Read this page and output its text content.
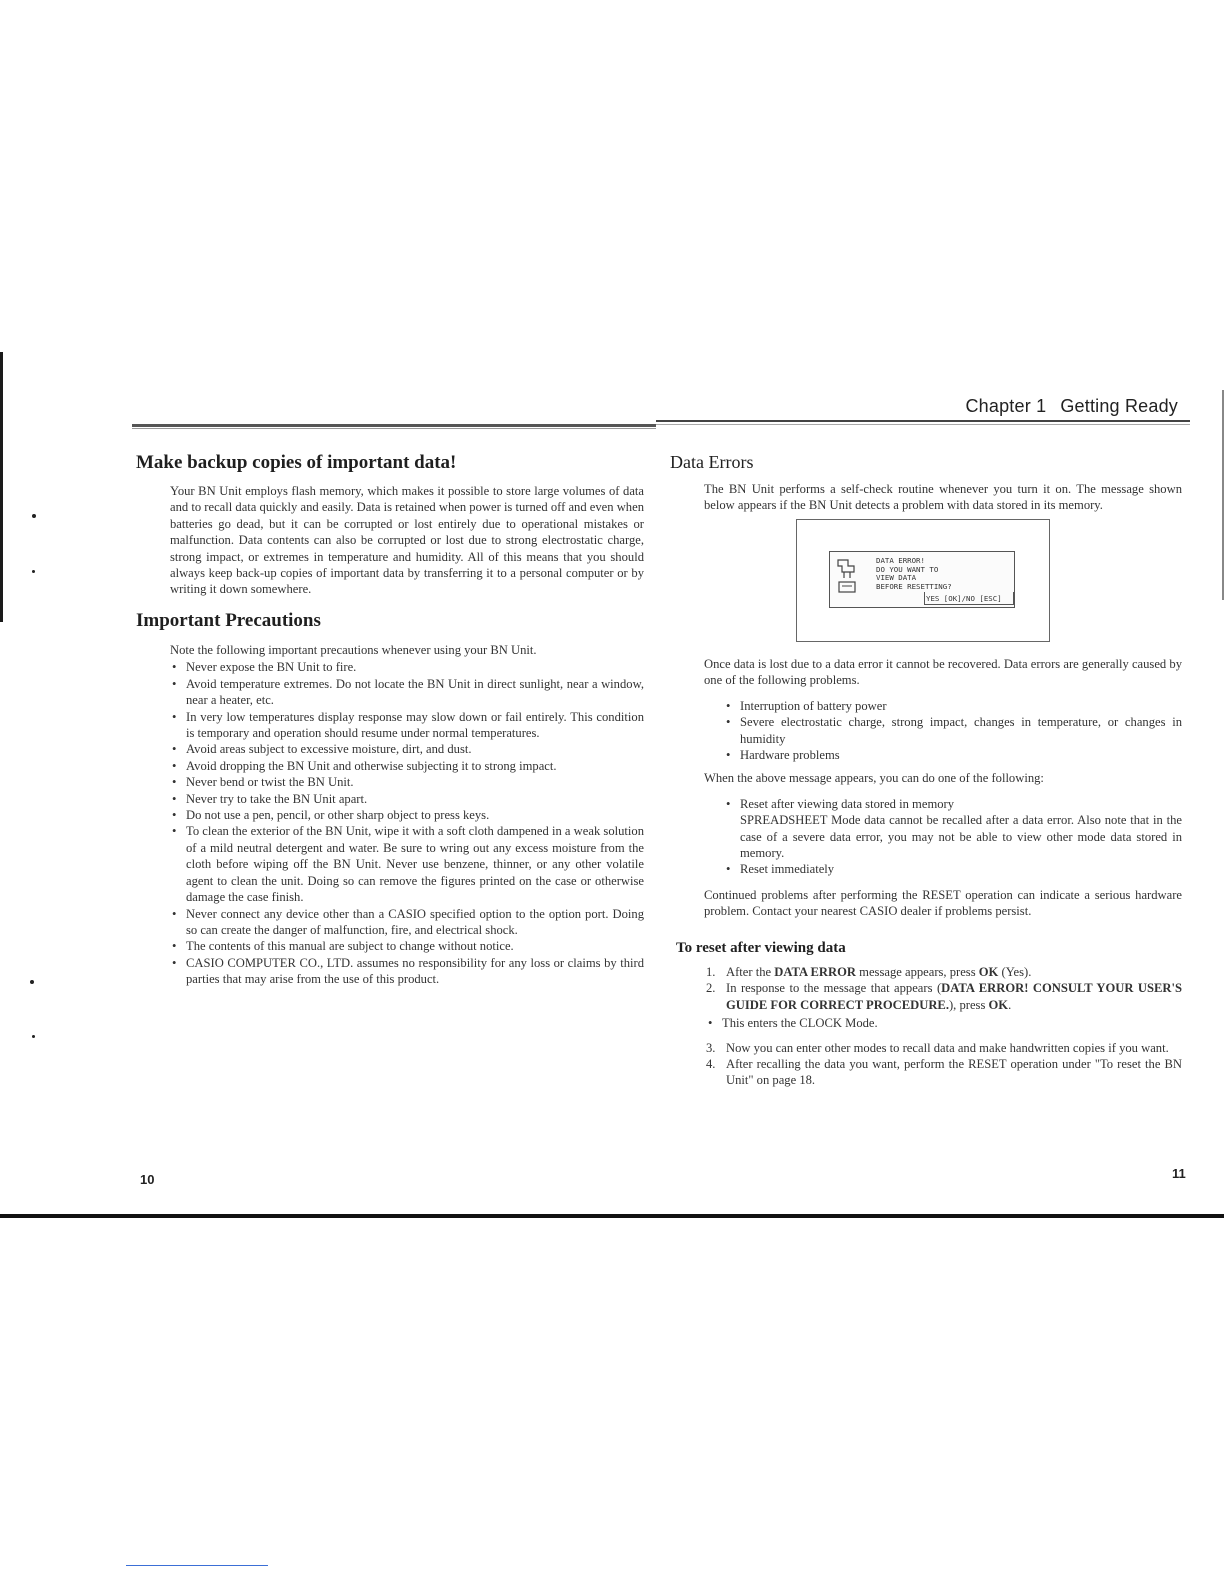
Chapter 1 Getting Ready
Make backup copies of important data!
Your BN Unit employs flash memory, which makes it possible to store large volumes of data and to recall data quickly and easily. Data is retained when power is turned off and even when batteries go dead, but it can be corrupted or lost entirely due to operational mistakes or malfunction. Data contents can also be corrupted or lost due to strong electrostatic charge, strong impact, or extremes in temperature and humidity. All of this means that you should always keep back-up copies of important data by transferring it to a personal computer or by writing it down somewhere.
Important Precautions
Note the following important precautions whenever using your BN Unit.
• Never expose the BN Unit to fire.
• Avoid temperature extremes. Do not locate the BN Unit in direct sunlight, near a window, near a heater, etc.
• In very low temperatures display response may slow down or fail entirely. This condition is temporary and operation should resume under normal temperatures.
• Avoid areas subject to excessive moisture, dirt, and dust.
• Avoid dropping the BN Unit and otherwise subjecting it to strong impact.
• Never bend or twist the BN Unit.
• Never try to take the BN Unit apart.
• Do not use a pen, pencil, or other sharp object to press keys.
• To clean the exterior of the BN Unit, wipe it with a soft cloth dampened in a weak solution of a mild neutral detergent and water. Be sure to wring out any excess moisture from the cloth before wiping off the BN Unit. Never use benzene, thinner, or any other volatile agent to clean the unit. Doing so can remove the figures printed on the case or otherwise damage the case finish.
• Never connect any device other than a CASIO specified option to the option port. Doing so can create the danger of malfunction, fire, and electrical shock.
• The contents of this manual are subject to change without notice.
• CASIO COMPUTER CO., LTD. assumes no responsibility for any loss or claims by third parties that may arise from the use of this product.
10
Data Errors
The BN Unit performs a self-check routine whenever you turn it on. The message shown below appears if the BN Unit detects a problem with data stored in its memory.
DATA ERROR!
DO YOU WANT TO
VIEW DATA
BEFORE RESETTING?
YES [OK]/NO [ESC]
Once data is lost due to a data error it cannot be recovered. Data errors are generally caused by one of the following problems.
• Interruption of battery power
• Severe electrostatic charge, strong impact, changes in temperature, or changes in humidity
• Hardware problems
When the above message appears, you can do one of the following:
• Reset after viewing data stored in memory
SPREADSHEET Mode data cannot be recalled after a data error. Also note that in the case of a severe data error, you may not be able to view other mode data stored in memory.
• Reset immediately
Continued problems after performing the RESET operation can indicate a serious hardware problem. Contact your nearest CASIO dealer if problems persist.
To reset after viewing data
1. After the DATA ERROR message appears, press OK (Yes).
2. In response to the message that appears (DATA ERROR! CONSULT YOUR USER'S GUIDE FOR CORRECT PROCEDURE.), press OK.
• This enters the CLOCK Mode.
3. Now you can enter other modes to recall data and make handwritten copies if you want.
4. After recalling the data you want, perform the RESET operation under "To reset the BN Unit" on page 18.
11
